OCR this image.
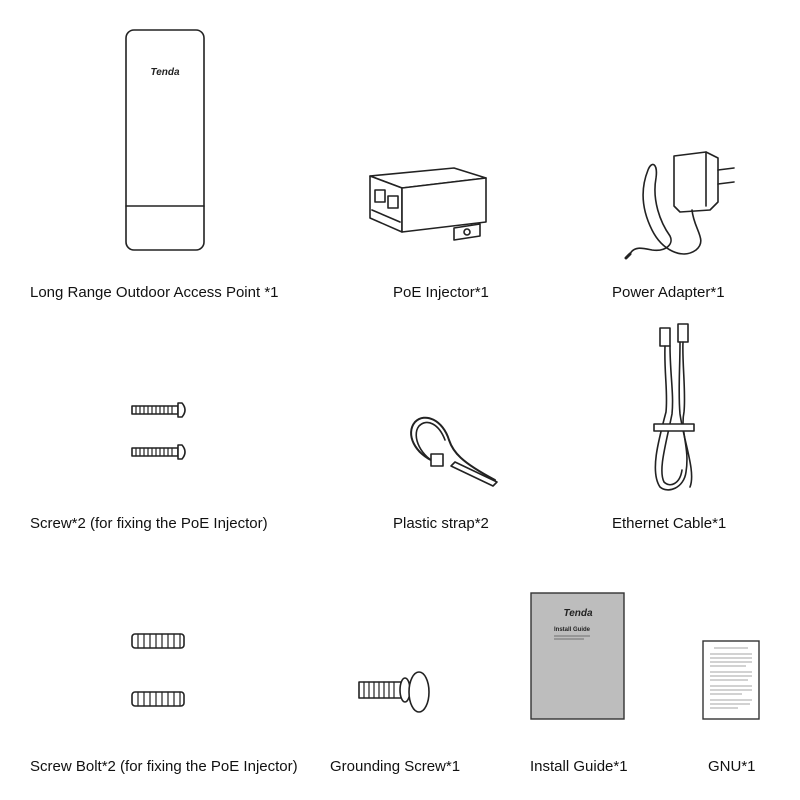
Tenda
Long Range Outdoor Access Point *1	PoE Injector*1	Power Adapter*1
Screw*2 (for fixing the PoE Injector)	Plastic strap*2	Ethernet Cable*1
Screw Bolt*2 (for fixing the PoE Injector) Grounding Screw*1
Tenda
Install Guide
Install Guide*1	GNU*1
